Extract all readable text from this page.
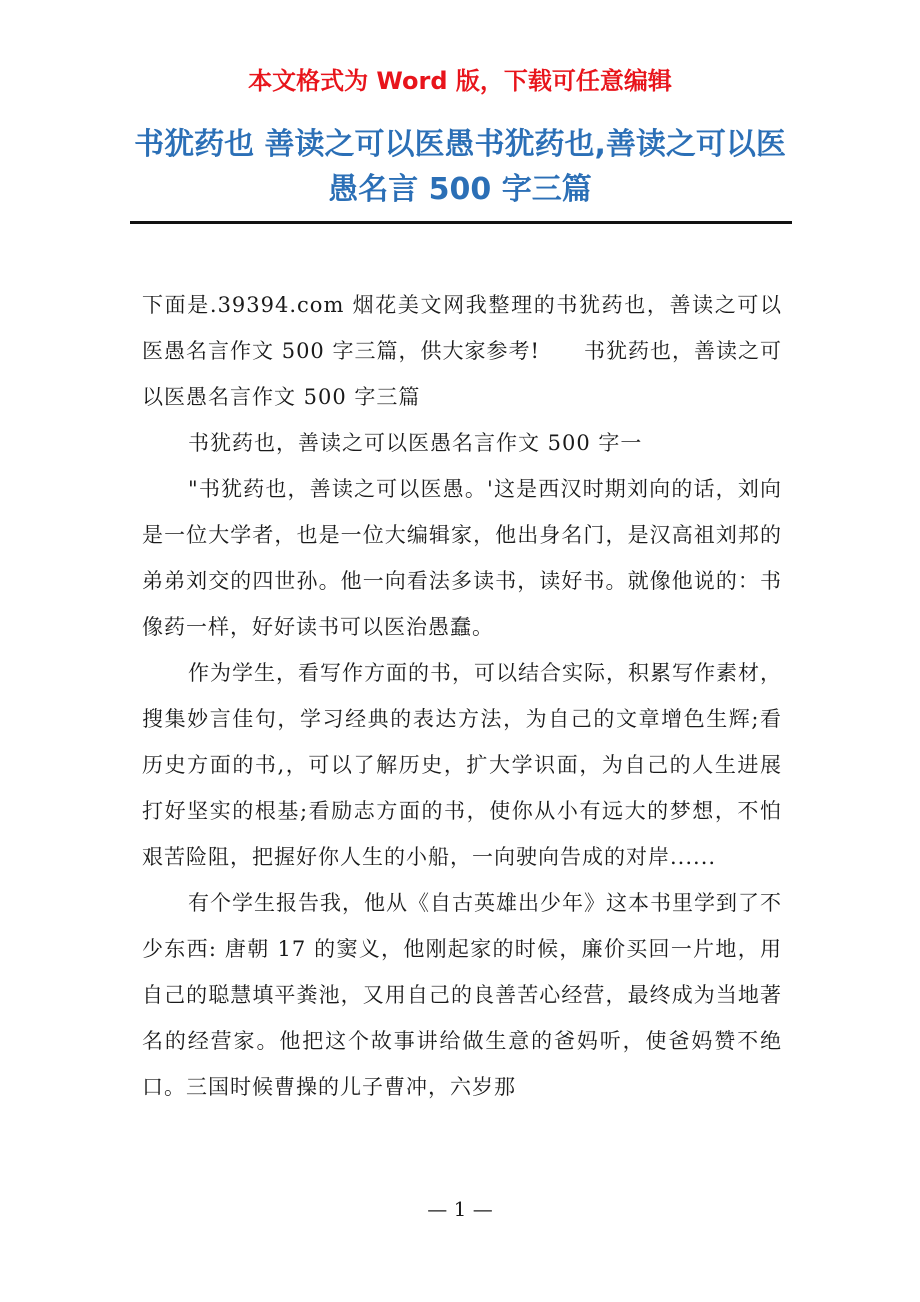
本文格式为 Word 版，下载可任意编辑
书犹药也 善读之可以医愚书犹药也,善读之可以医愚名言 500 字三篇

下面是.39394.com 烟花美文网我整理的书犹药也，善读之可以医愚名言作文 500 字三篇，供大家参考!　　书犹药也，善读之可以医愚名言作文 500 字三篇

书犹药也，善读之可以医愚名言作文 500 字一

"书犹药也，善读之可以医愚。'这是西汉时期刘向的话，刘向是一位大学者，也是一位大编辑家，他出身名门，是汉高祖刘邦的弟弟刘交的四世孙。他一向看法多读书，读好书。就像他说的：书像药一样，好好读书可以医治愚蠢。

作为学生，看写作方面的书，可以结合实际，积累写作素材，搜集妙言佳句，学习经典的表达方法，为自己的文章增色生辉;看历史方面的书,，可以了解历史，扩大学识面，为自己的人生进展打好坚实的根基;看励志方面的书，使你从小有远大的梦想，不怕艰苦险阻，把握好你人生的小船，一向驶向告成的对岸......

有个学生报告我，他从《自古英雄出少年》这本书里学到了不少东西: 唐朝 17 的窦义，他刚起家的时候，廉价买回一片地，用自己的聪慧填平粪池，又用自己的良善苦心经营，最终成为当地著名的经营家。他把这个故事讲给做生意的爸妈听，使爸妈赞不绝口。三国时候曹操的儿子曹冲，六岁那

— 1 —
